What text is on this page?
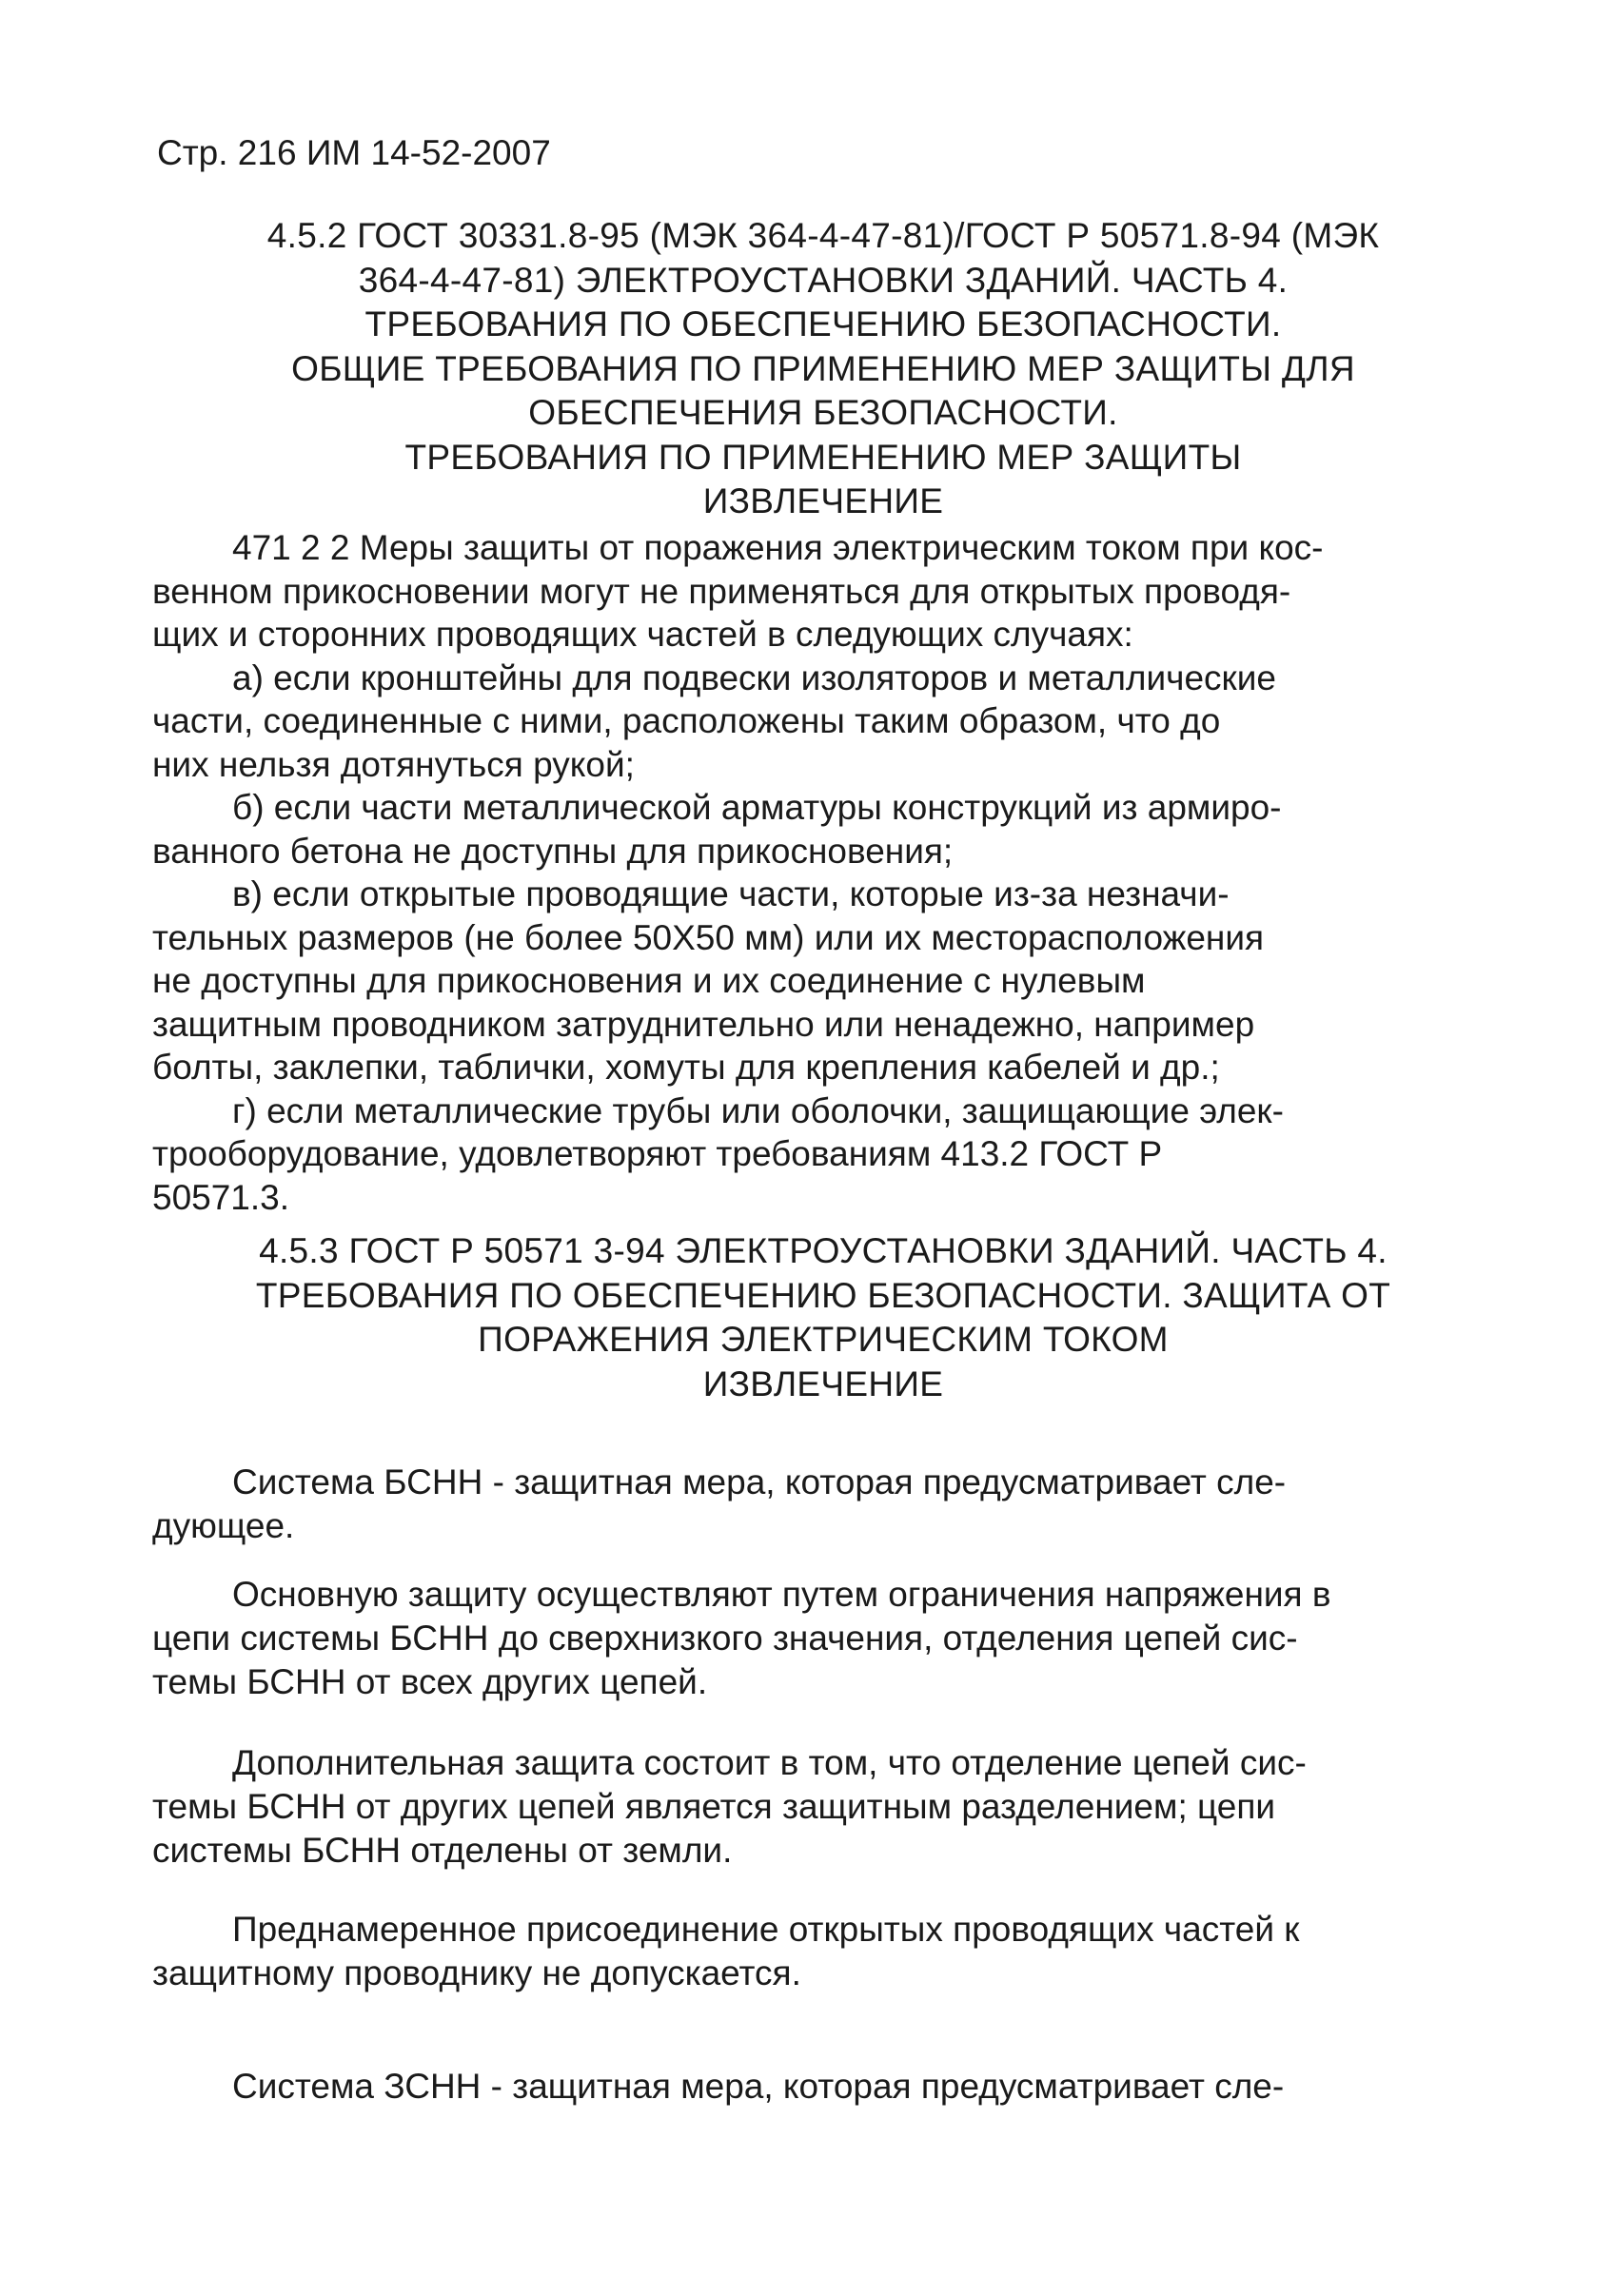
Стр. 216 ИМ 14-52-2007
4.5.2 ГОСТ 30331.8-95 (МЭК 364-4-47-81)/ГОСТ Р 50571.8-94 (МЭК
364-4-47-81) ЭЛЕКТРОУСТАНОВКИ ЗДАНИЙ. ЧАСТЬ 4.
ТРЕБОВАНИЯ ПО ОБЕСПЕЧЕНИЮ БЕЗОПАСНОСТИ.
ОБЩИЕ ТРЕБОВАНИЯ ПО ПРИМЕНЕНИЮ МЕР ЗАЩИТЫ ДЛЯ
ОБЕСПЕЧЕНИЯ БЕЗОПАСНОСТИ.
ТРЕБОВАНИЯ ПО ПРИМЕНЕНИЮ МЕР ЗАЩИТЫ
ИЗВЛЕЧЕНИЕ
471 2 2 Меры защиты от поражения электрическим током при кос-
венном прикосновении могут не применяться для открытых проводя-
щих и сторонних проводящих частей в следующих случаях:
а) если кронштейны для подвески изоляторов и металлические
части, соединенные с ними, расположены таким образом, что до
них нельзя дотянуться рукой;
б) если части металлической арматуры конструкций из армиро-
ванного бетона не доступны для прикосновения;
в) если открытые проводящие части, которые из-за незначи-
тельных размеров (не более 50Х50 мм) или их месторасположения
не доступны для прикосновения и их соединение с нулевым
защитным проводником затруднительно или ненадежно, например
болты, заклепки, таблички, хомуты для крепления кабелей и др.;
г) если металлические трубы или оболочки, защищающие элек-
трооборудование, удовлетворяют требованиям 413.2 ГОСТ Р
50571.3.
4.5.3 ГОСТ Р 50571 3-94 ЭЛЕКТРОУСТАНОВКИ ЗДАНИЙ. ЧАСТЬ 4.
ТРЕБОВАНИЯ ПО ОБЕСПЕЧЕНИЮ БЕЗОПАСНОСТИ. ЗАЩИТА ОТ
ПОРАЖЕНИЯ ЭЛЕКТРИЧЕСКИМ ТОКОМ
ИЗВЛЕЧЕНИЕ
Система БСНН - защитная мера, которая предусматривает сле-
дующее.
Основную защиту осуществляют путем ограничения напряжения в
цепи системы БСНН до сверхнизкого значения, отделения цепей сис-
темы БСНН от всех других цепей.
Дополнительная защита состоит в том, что отделение цепей сис-
темы БСНН от других цепей является защитным разделением; цепи
системы БСНН отделены от земли.
Преднамеренное присоединение открытых проводящих частей к
защитному проводнику не допускается.
Система ЗСНН - защитная мера, которая предусматривает сле-
